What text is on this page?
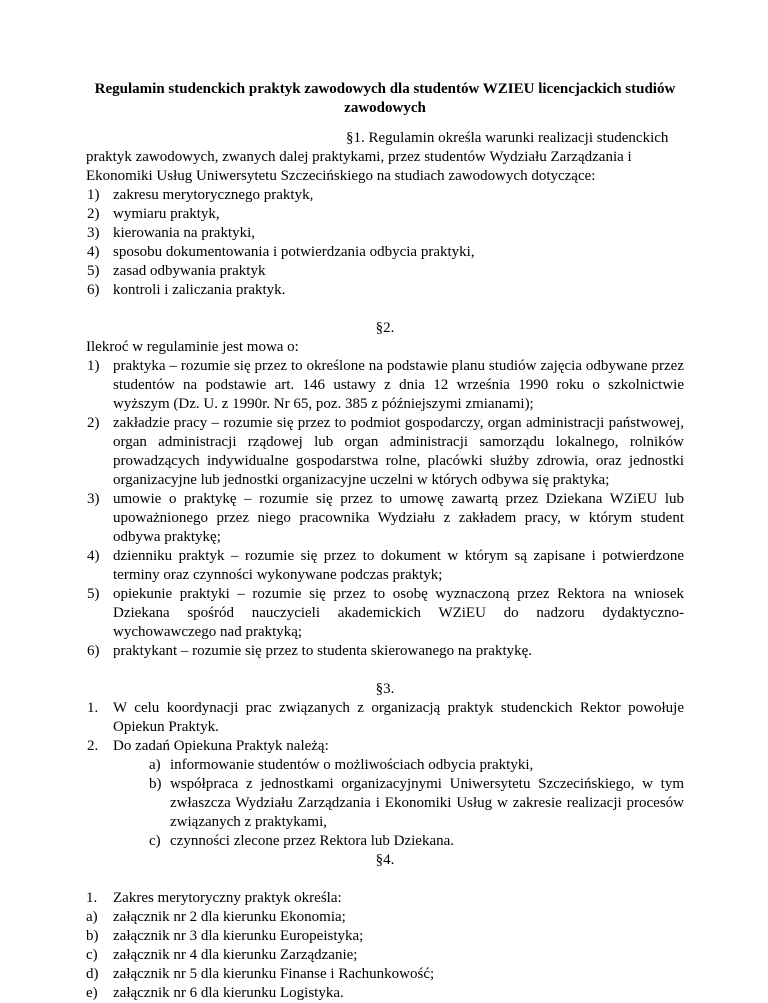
Regulamin studenckich praktyk zawodowych dla studentów WZIEU licencjackich studiów zawodowych

§1. Regulamin określa warunki realizacji studenckich praktyk zawodowych, zwanych dalej praktykami, przez studentów Wydziału Zarządzania i Ekonomiki Usług Uniwersytetu Szczecińskiego na studiach zawodowych dotyczące:

1) zakresu merytorycznego praktyk,
2) wymiaru praktyk,
3) kierowania na praktyki,
4) sposobu dokumentowania i potwierdzania odbycia praktyki,
5) zasad odbywania praktyk
6) kontroli i zaliczania praktyk.

§2.

Ilekroć w regulaminie jest mowa o:

1) praktyka – rozumie się przez to określone na podstawie planu studiów zajęcia odbywane przez studentów na podstawie art. 146 ustawy z dnia 12 września 1990 roku o szkolnictwie wyższym (Dz. U. z 1990r. Nr 65, poz. 385 z późniejszymi zmianami);
2) zakładzie pracy – rozumie się przez to podmiot gospodarczy, organ administracji państwowej, organ administracji rządowej lub organ administracji samorządu lokalnego, rolników prowadzących indywidualne gospodarstwa rolne, placówki służby zdrowia, oraz jednostki organizacyjne lub jednostki organizacyjne uczelni w których odbywa się praktyka;
3) umowie o praktykę – rozumie się przez to umowę zawartą przez Dziekana WZiEU lub upoważnionego przez niego pracownika Wydziału z zakładem pracy, w którym student odbywa praktykę;
4) dzienniku praktyk – rozumie się przez to dokument w którym są zapisane i potwierdzone terminy oraz czynności wykonywane podczas praktyk;
5) opiekunie praktyki – rozumie się przez to osobę wyznaczoną przez Rektora na wniosek Dziekana spośród nauczycieli akademickich WZiEU do nadzoru dydaktyczno-wychowawczego nad praktyką;
6) praktykant – rozumie się przez to studenta skierowanego na praktykę.

§3.

1. W celu koordynacji prac związanych z organizacją praktyk studenckich Rektor powołuje Opiekun Praktyk.
2. Do zadań Opiekuna Praktyk należą:
a) informowanie studentów o możliwościach odbycia praktyki,
b) współpraca z jednostkami organizacyjnymi Uniwersytetu Szczecińskiego, w tym zwłaszcza Wydziału Zarządzania i Ekonomiki Usług w zakresie realizacji procesów związanych z praktykami,
c) czynności zlecone przez Rektora lub Dziekana.

§4.

1. Zakres merytoryczny praktyk określa:
a) załącznik nr 2 dla kierunku Ekonomia;
b) załącznik nr 3 dla kierunku Europeistyka;
c) załącznik nr 4 dla kierunku Zarządzanie;
d) załącznik nr 5 dla kierunku Finanse i Rachunkowość;
e) załącznik nr 6 dla kierunku Logistyka.
